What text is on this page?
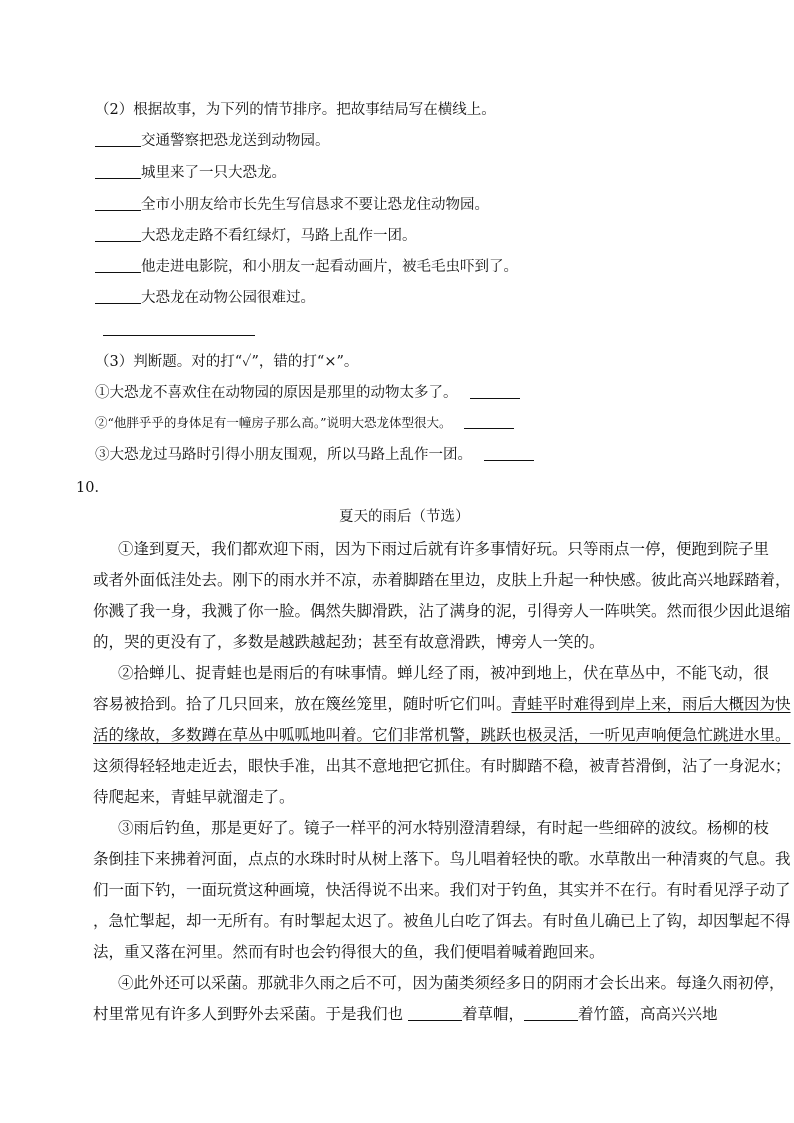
（2）根据故事，为下列的情节排序。把故事结局写在横线上。
交通警察把恐龙送到动物园。
城里来了一只大恐龙。
全市小朋友给市长先生写信恳求不要让恐龙住动物园。
大恐龙走路不看红绿灯，马路上乱作一团。
他走进电影院，和小朋友一起看动画片，被毛毛虫吓到了。
大恐龙在动物公园很难过。
（3）判断题。对的打“✓”，错的打“×”。
①大恐龙不喜欢住在动物园的原因是那里的动物太多了。
②“他胖乎乎的身体足有一幢房子那么高。”说明大恐龙体型很大。
③大恐龙过马路时引得小朋友围观，所以马路上乱作一团。
10．
夏天的雨后（节选）
①逢到夏天，我们都欢迎下雨，因为下雨过后就有许多事情好玩。只等雨点一停，便跑到院子里
或者外面低洼处去。刚下的雨水并不凉，赤着脚踏在里边，皮肤上升起一种快感。彼此高兴地踩踏着，
你溅了我一身，我溅了你一脸。偶然失脚滑跌，沾了满身的泥，引得旁人一阵哄笑。然而很少因此退缩
的，哭的更没有了，多数是越跌越起劲；甚至有故意滑跌，博旁人一笑的。
②拾蝉儿、捉青蛙也是雨后的有味事情。蝉儿经了雨，被冲到地上，伏在草丛中，不能飞动，很
容易被拾到。拾了几只回来，放在篾丝笼里，随时听它们叫。青蛙平时难得到岸上来，雨后大概因为快
活的缘故，多数蹲在草丛中呱呱地叫着。它们非常机警，跳跃也极灵活，一听见声响便急忙跳进水里。
这须得轻轻地走近去，眼快手准，出其不意地把它抓住。有时脚踏不稳，被青苔滑倒，沾了一身泥水；
待爬起来，青蛙早就溜走了。
③雨后钓鱼，那是更好了。镜子一样平的河水特别澄清碧绿，有时起一些细碎的波纹。杨柳的枝
条倒挂下来拂着河面，点点的水珠时时从树上落下。鸟儿唱着轻快的歌。水草散出一种清爽的气息。我
们一面下钓，一面玩赏这种画境，快活得说不出来。我们对于钓鱼，其实并不在行。有时看见浮子动了
，急忙掣起，却一无所有。有时掣起太迟了。被鱼儿白吃了饵去。有时鱼儿确已上了钩，却因掣起不得
法，重又落在河里。然而有时也会钓得很大的鱼，我们便唱着喊着跑回来。
④此外还可以采菌。那就非久雨之后不可，因为菌类须经多日的阴雨才会长出来。每逢久雨初停，
村里常见有许多人到野外去采菌。于是我们也	着草帽，	着竹篮，高高兴兴地
